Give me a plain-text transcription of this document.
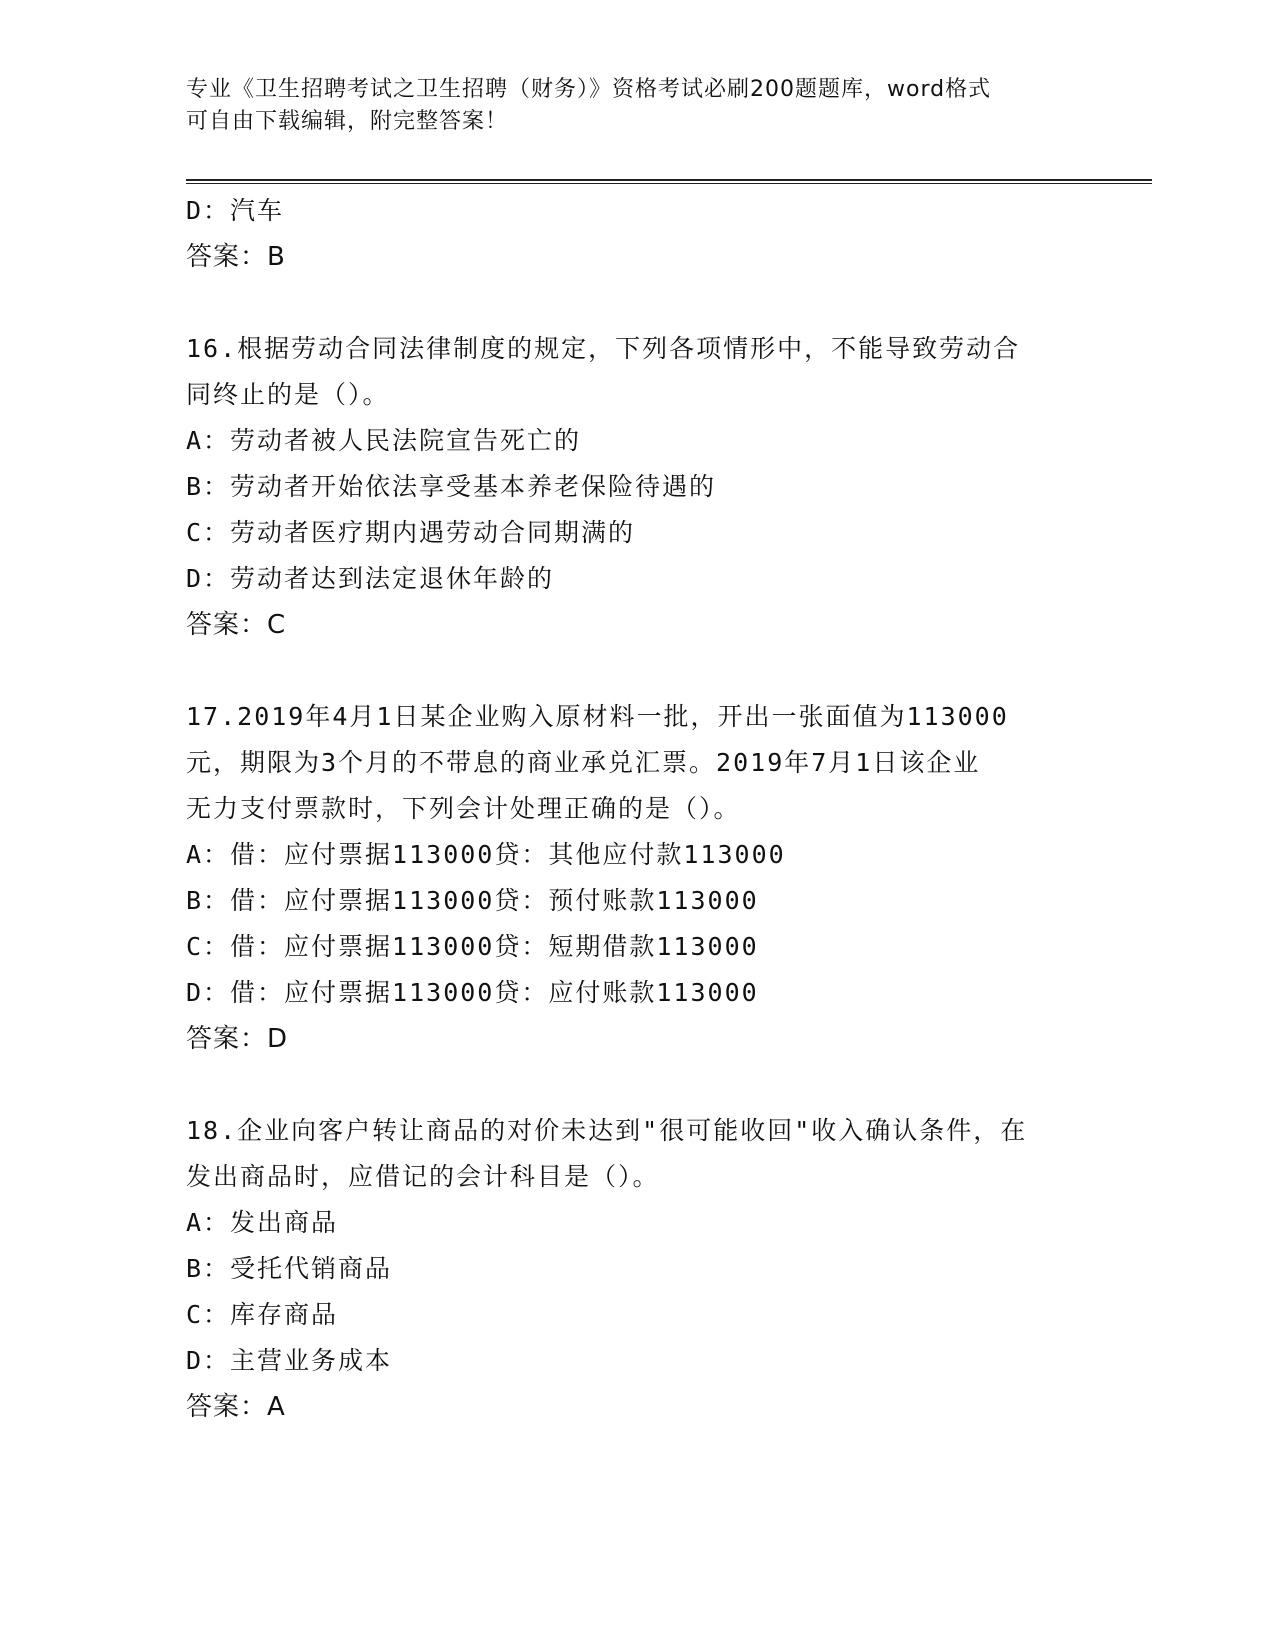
专业《卫生招聘考试之卫生招聘（财务）》资格考试必刷200题题库，word格式
可自由下载编辑，附完整答案！
D：汽车
答案：B
16.根据劳动合同法律制度的规定，下列各项情形中，不能导致劳动合
同终止的是（）。
A：劳动者被人民法院宣告死亡的
B：劳动者开始依法享受基本养老保险待遇的
C：劳动者医疗期内遇劳动合同期满的
D：劳动者达到法定退休年龄的
答案：C
17.2019年4月1日某企业购入原材料一批，开出一张面值为113000
元，期限为3个月的不带息的商业承兑汇票。2019年7月1日该企业
无力支付票款时，下列会计处理正确的是（）。
A：借：应付票据113000贷：其他应付款113000
B：借：应付票据113000贷：预付账款113000
C：借：应付票据113000贷：短期借款113000
D：借：应付票据113000贷：应付账款113000
答案：D
18.企业向客户转让商品的对价未达到"很可能收回"收入确认条件，在
发出商品时，应借记的会计科目是（）。
A：发出商品
B：受托代销商品
C：库存商品
D：主营业务成本
答案：A
